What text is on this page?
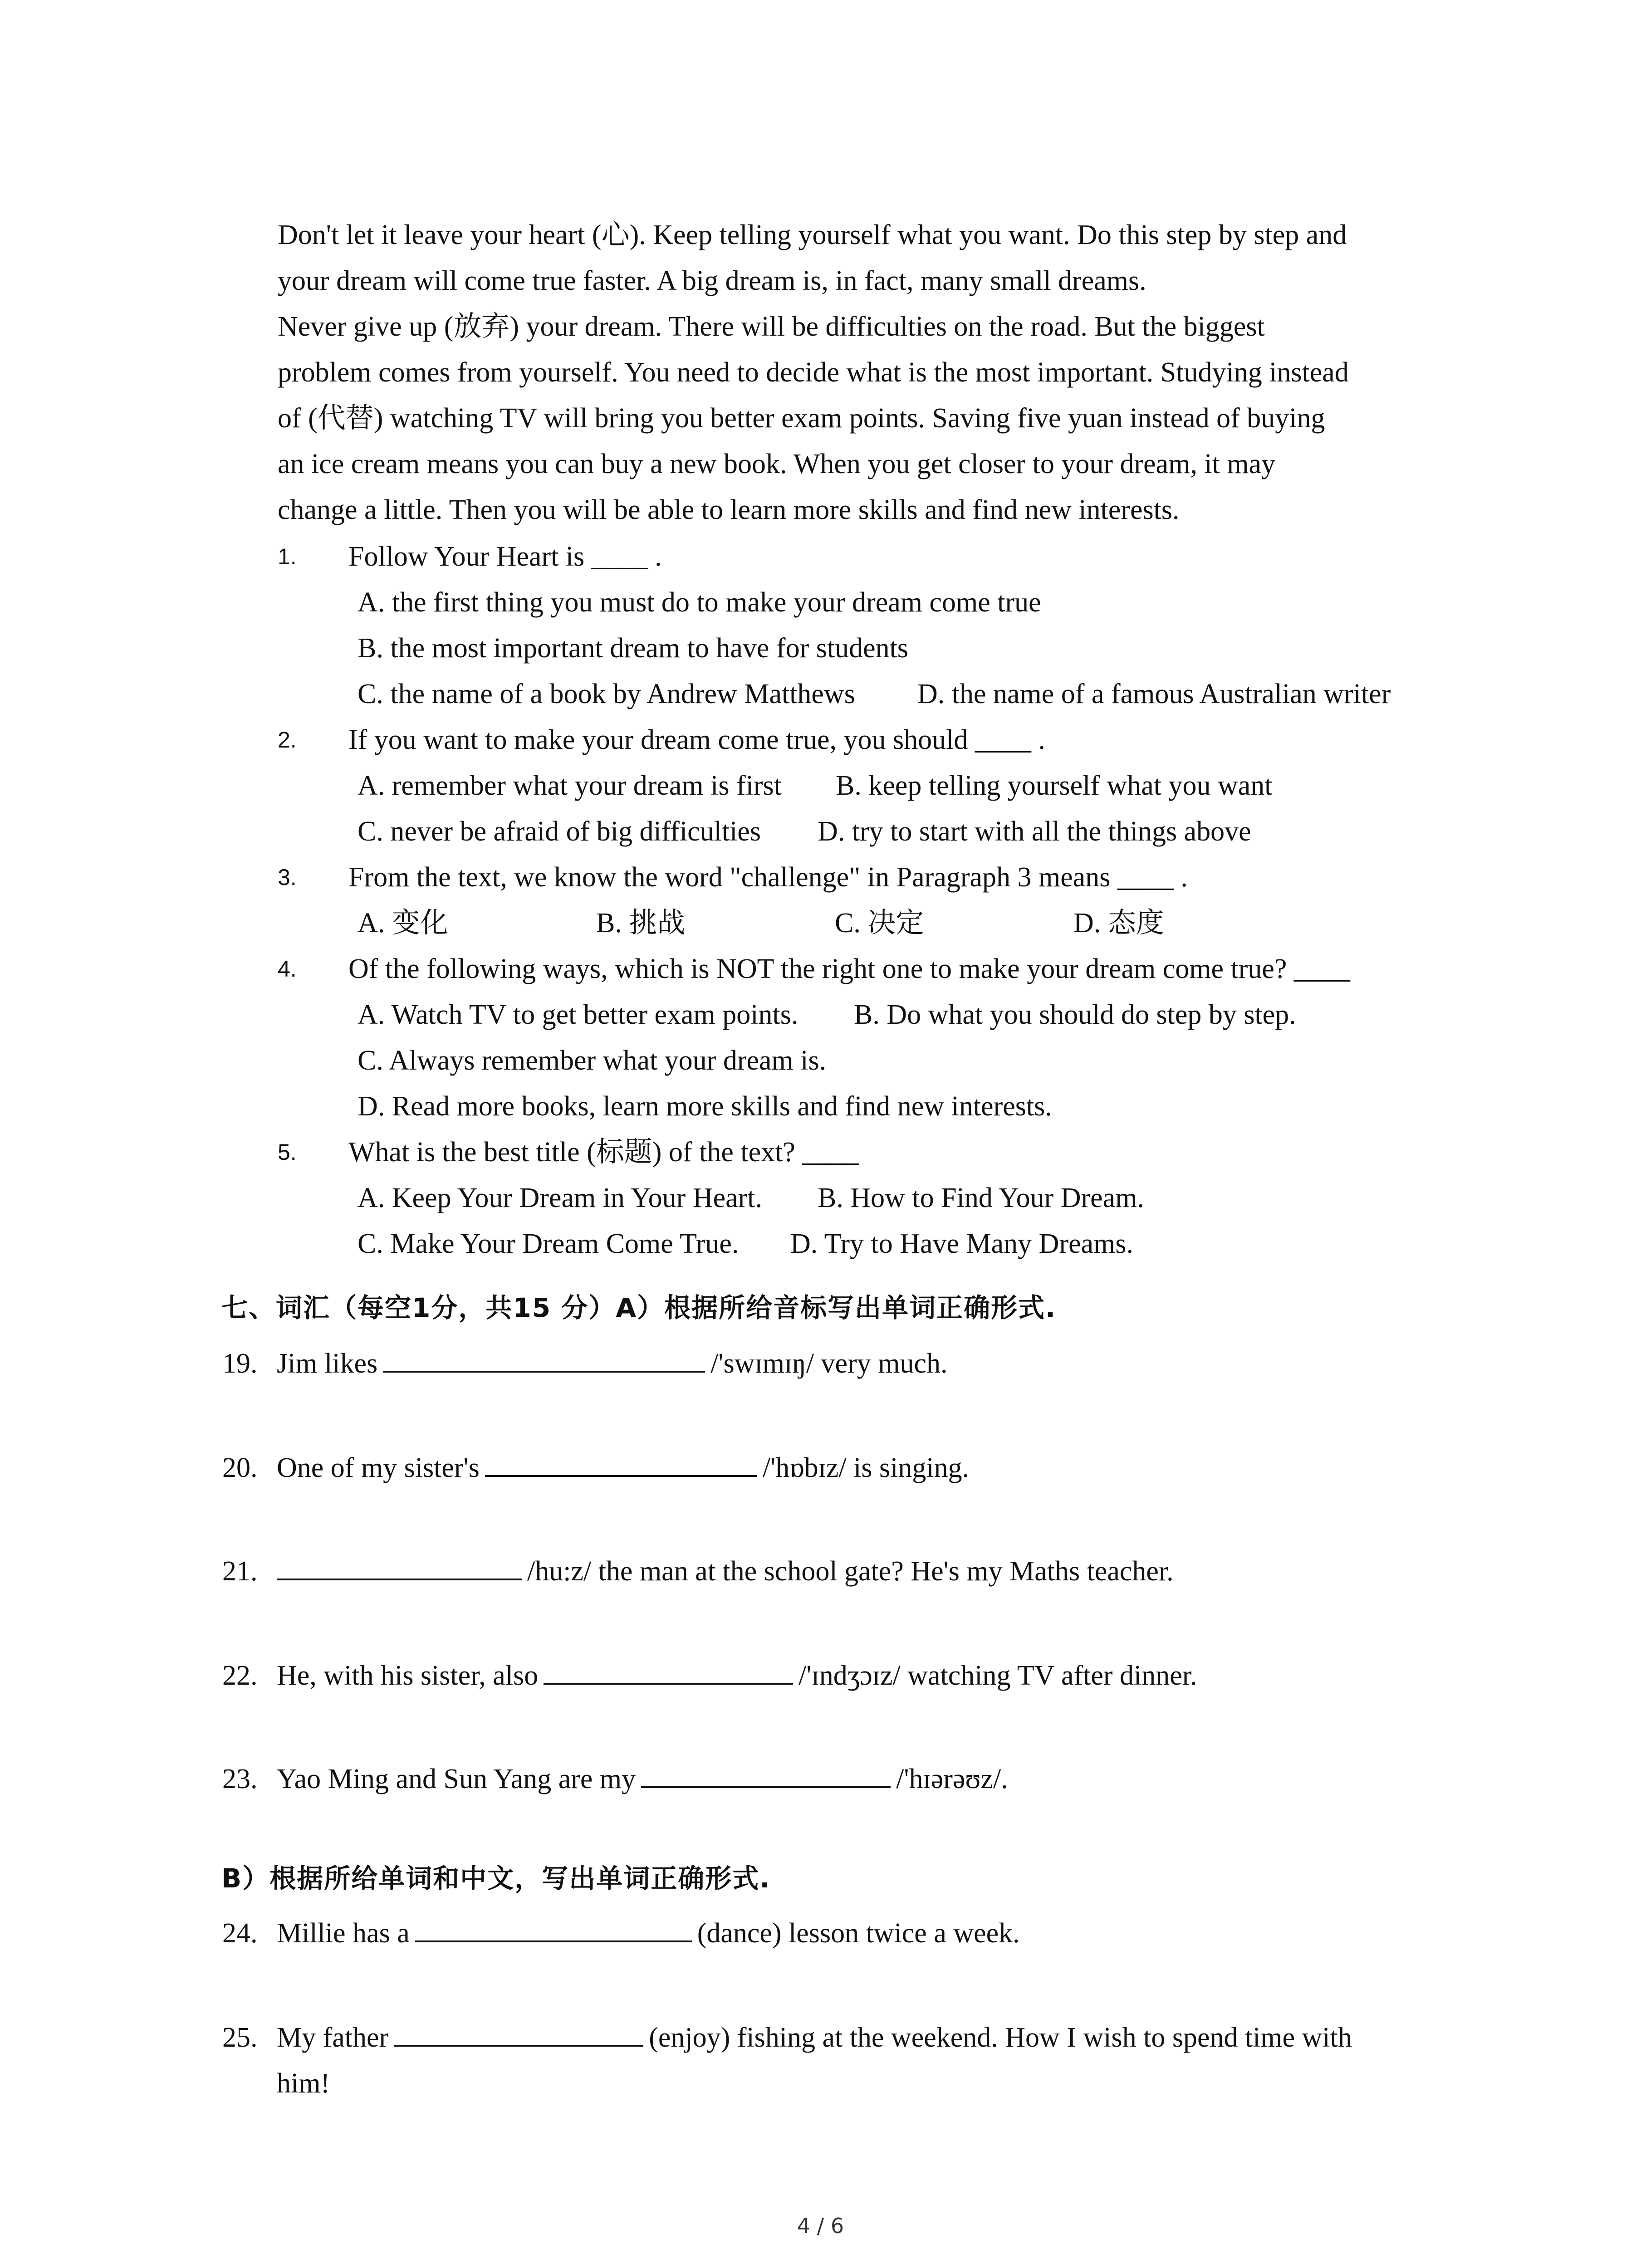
Don't let it leave your heart (心). Keep telling yourself what you want. Do this step by step and

your dream will come true faster. A big dream is, in fact, many small dreams.

Never give up (放弃) your dream. There will be difficulties on the road. But the biggest

problem comes from yourself. You need to decide what is the most important. Studying instead

of (代替) watching TV will bring you better exam points. Saving five yuan instead of buying

an ice cream means you can buy a new book. When you get closer to your dream, it may

change a little. Then you will be able to learn more skills and find new interests.

1. Follow Your Heart is ____ .
A. the first thing you must do to make your dream come true
B. the most important dream to have for students
C. the name of a book by Andrew Matthews D. the name of a famous Australian writer
2. If you want to make your dream come true, you should ____ .
A. remember what your dream is first B. keep telling yourself what you want
C. never be afraid of big difficulties D. try to start with all the things above
3. From the text, we know the word "challenge" in Paragraph 3 means ____ .
A. 变化	B. 挑战	C. 决定	D. 态度
4. Of the following ways, which is NOT the right one to make your dream come true? ____
A. Watch TV to get better exam points. B. Do what you should do step by step.
C. Always remember what your dream is.
D. Read more books, learn more skills and find new interests.
5. What is the best title (标题) of the text? ____
A. Keep Your Dream in Your Heart. B. How to Find Your Dream.
C. Make Your Dream Come True. D. Try to Have Many Dreams.
七、词汇（每空1分，共15 分）A）根据所给音标写出单词正确形式.
19. Jim likes	/'swɪmɪŋ/ very much.
20. One of my sister's	/'hɒbɪz/ is singing.
21.	/hu:z/ the man at the school gate? He's my Maths teacher.
22. He, with his sister, also	/'ɪndʒɔɪz/ watching TV after dinner.
23. Yao Ming and Sun Yang are my	/'hɪərəʊz/.
B）根据所给单词和中文，写出单词正确形式.
24. Millie has a	(dance) lesson twice a week.
25. My father	(enjoy) fishing at the weekend. How I wish to spend time with
him!
4 / 6
